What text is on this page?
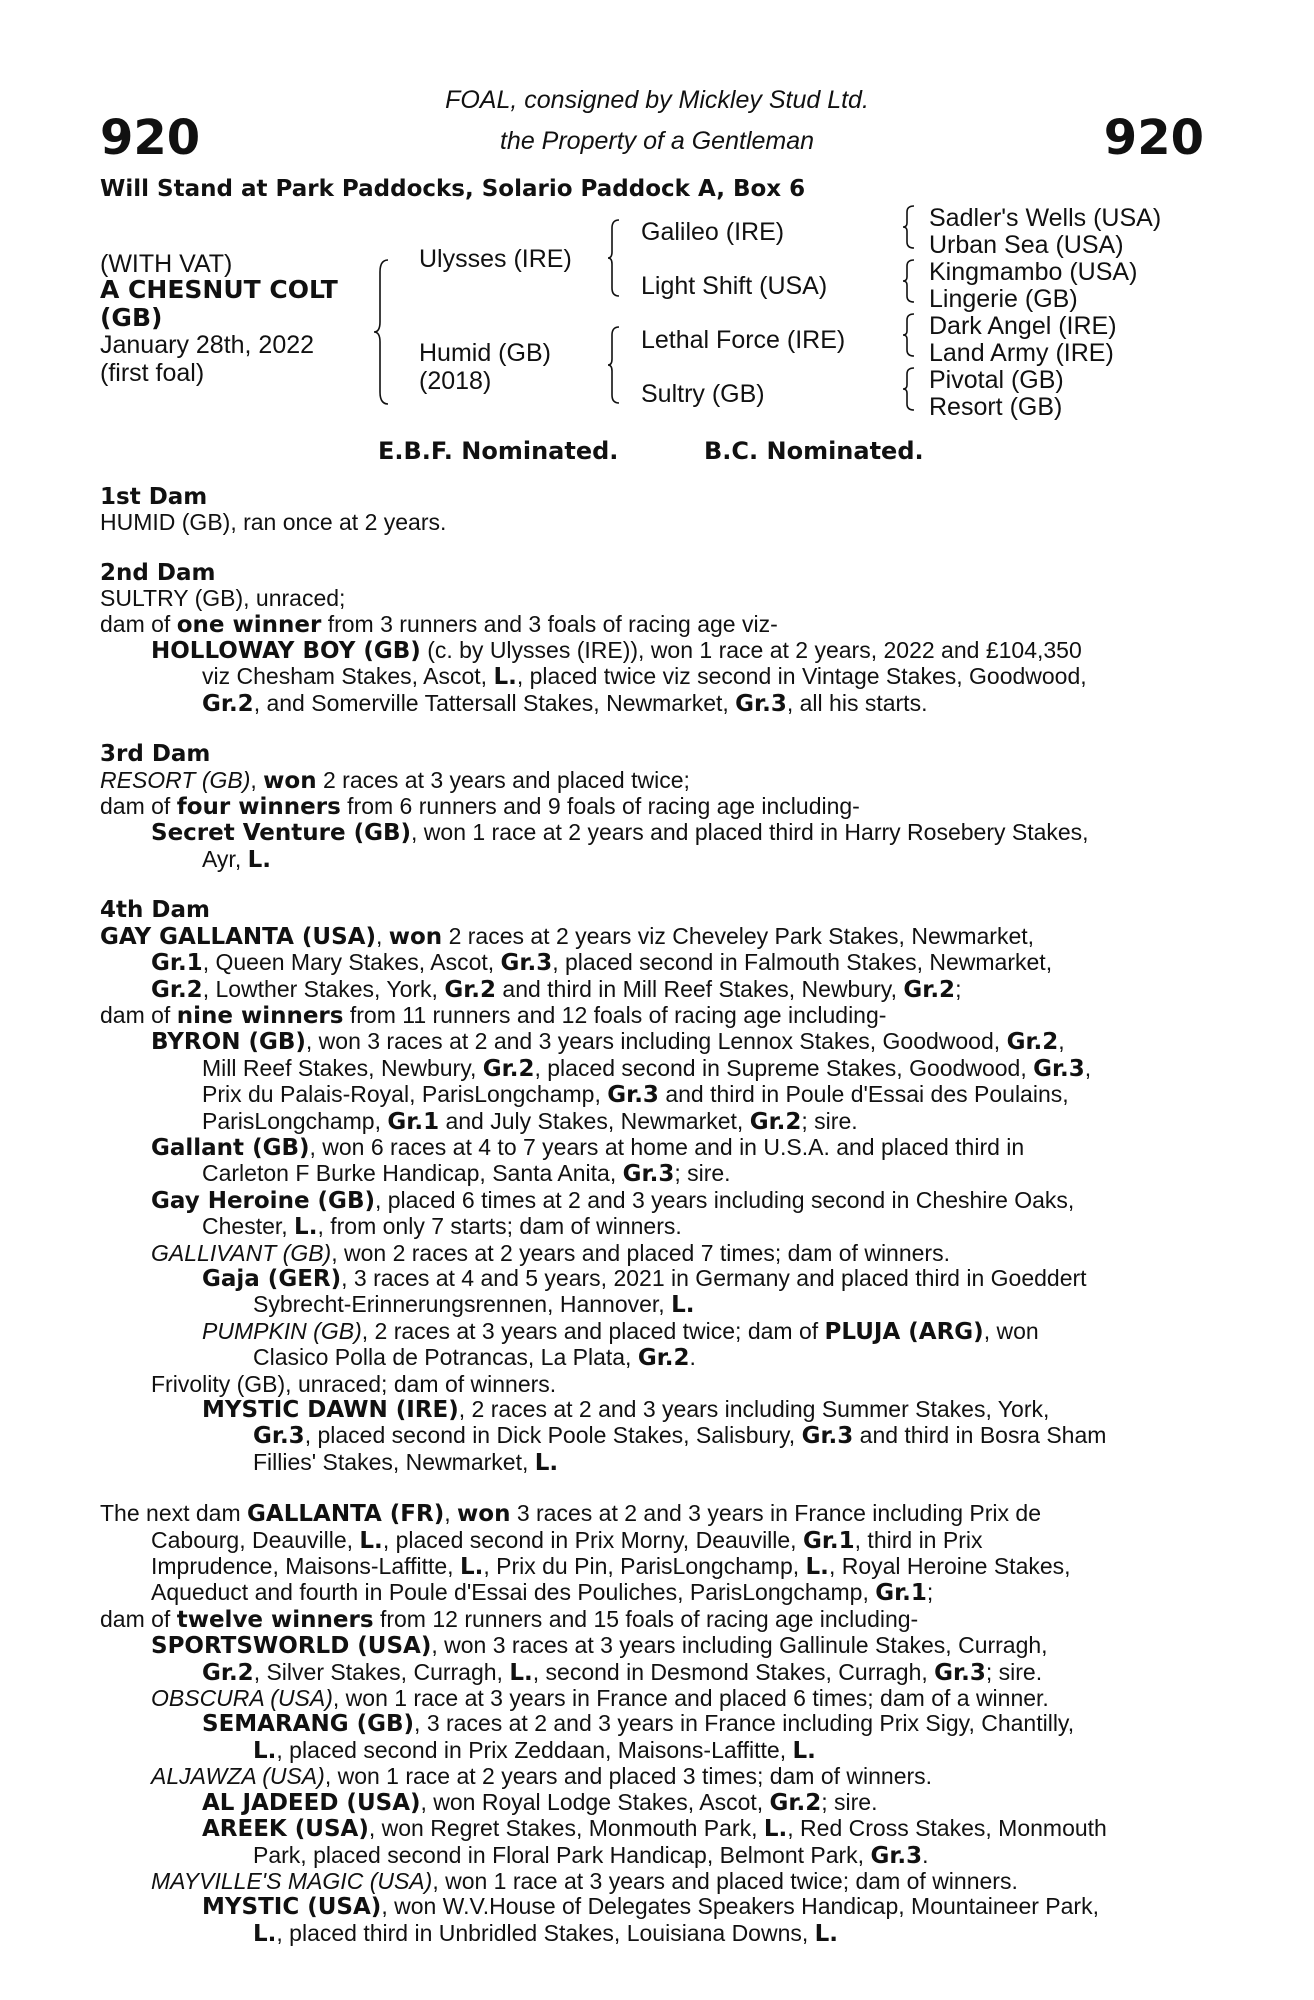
920	920
FOAL, consigned by Mickley Stud Ltd.
the Property of a Gentleman
Will Stand at Park Paddocks, Solario Paddock A, Box 6
(WITH VAT)
A CHESNUT COLT
(GB)
January 28th, 2022
(first foal)
Ulysses (IRE)
Humid (GB)
(2018)
Galileo (IRE)
Light Shift (USA)
Lethal Force (IRE)
Sultry (GB)
Sadler's Wells (USA)
Urban Sea (USA)
Kingmambo (USA)
Lingerie (GB)
Dark Angel (IRE)
Land Army (IRE)
Pivotal (GB)
Resort (GB)
E.B.F. Nominated.	B.C. Nominated.
1st Dam
HUMID (GB), ran once at 2 years.
2nd Dam
SULTRY (GB), unraced;
dam of one winner from 3 runners and 3 foals of racing age viz-
HOLLOWAY BOY (GB) (c. by Ulysses (IRE)), won 1 race at 2 years, 2022 and £104,350
viz Chesham Stakes, Ascot, L., placed twice viz second in Vintage Stakes, Goodwood,
Gr.2, and Somerville Tattersall Stakes, Newmarket, Gr.3, all his starts.
3rd Dam
RESORT (GB), won 2 races at 3 years and placed twice;
dam of four winners from 6 runners and 9 foals of racing age including-
Secret Venture (GB), won 1 race at 2 years and placed third in Harry Rosebery Stakes,
Ayr, L.
4th Dam
GAY GALLANTA (USA), won 2 races at 2 years viz Cheveley Park Stakes, Newmarket,
Gr.1, Queen Mary Stakes, Ascot, Gr.3, placed second in Falmouth Stakes, Newmarket,
Gr.2, Lowther Stakes, York, Gr.2 and third in Mill Reef Stakes, Newbury, Gr.2;
dam of nine winners from 11 runners and 12 foals of racing age including-
BYRON (GB), won 3 races at 2 and 3 years including Lennox Stakes, Goodwood, Gr.2,
Mill Reef Stakes, Newbury, Gr.2, placed second in Supreme Stakes, Goodwood, Gr.3,
Prix du Palais-Royal, ParisLongchamp, Gr.3 and third in Poule d'Essai des Poulains,
ParisLongchamp, Gr.1 and July Stakes, Newmarket, Gr.2; sire.
Gallant (GB), won 6 races at 4 to 7 years at home and in U.S.A. and placed third in
Carleton F Burke Handicap, Santa Anita, Gr.3; sire.
Gay Heroine (GB), placed 6 times at 2 and 3 years including second in Cheshire Oaks,
Chester, L., from only 7 starts; dam of winners.
GALLIVANT (GB), won 2 races at 2 years and placed 7 times; dam of winners.
Gaja (GER), 3 races at 4 and 5 years, 2021 in Germany and placed third in Goeddert
Sybrecht-Erinnerungsrennen, Hannover, L.
PUMPKIN (GB), 2 races at 3 years and placed twice; dam of PLUJA (ARG), won
Clasico Polla de Potrancas, La Plata, Gr.2.
Frivolity (GB), unraced; dam of winners.
MYSTIC DAWN (IRE), 2 races at 2 and 3 years including Summer Stakes, York,
Gr.3, placed second in Dick Poole Stakes, Salisbury, Gr.3 and third in Bosra Sham
Fillies' Stakes, Newmarket, L.
The next dam GALLANTA (FR), won 3 races at 2 and 3 years in France including Prix de
Cabourg, Deauville, L., placed second in Prix Morny, Deauville, Gr.1, third in Prix
Imprudence, Maisons-Laffitte, L., Prix du Pin, ParisLongchamp, L., Royal Heroine Stakes,
Aqueduct and fourth in Poule d'Essai des Pouliches, ParisLongchamp, Gr.1;
dam of twelve winners from 12 runners and 15 foals of racing age including-
SPORTSWORLD (USA), won 3 races at 3 years including Gallinule Stakes, Curragh,
Gr.2, Silver Stakes, Curragh, L., second in Desmond Stakes, Curragh, Gr.3; sire.
OBSCURA (USA), won 1 race at 3 years in France and placed 6 times; dam of a winner.
SEMARANG (GB), 3 races at 2 and 3 years in France including Prix Sigy, Chantilly,
L., placed second in Prix Zeddaan, Maisons-Laffitte, L.
ALJAWZA (USA), won 1 race at 2 years and placed 3 times; dam of winners.
AL JADEED (USA), won Royal Lodge Stakes, Ascot, Gr.2; sire.
AREEK (USA), won Regret Stakes, Monmouth Park, L., Red Cross Stakes, Monmouth
Park, placed second in Floral Park Handicap, Belmont Park, Gr.3.
MAYVILLE'S MAGIC (USA), won 1 race at 3 years and placed twice; dam of winners.
MYSTIC (USA), won W.V.House of Delegates Speakers Handicap, Mountaineer Park,
L., placed third in Unbridled Stakes, Louisiana Downs, L.
